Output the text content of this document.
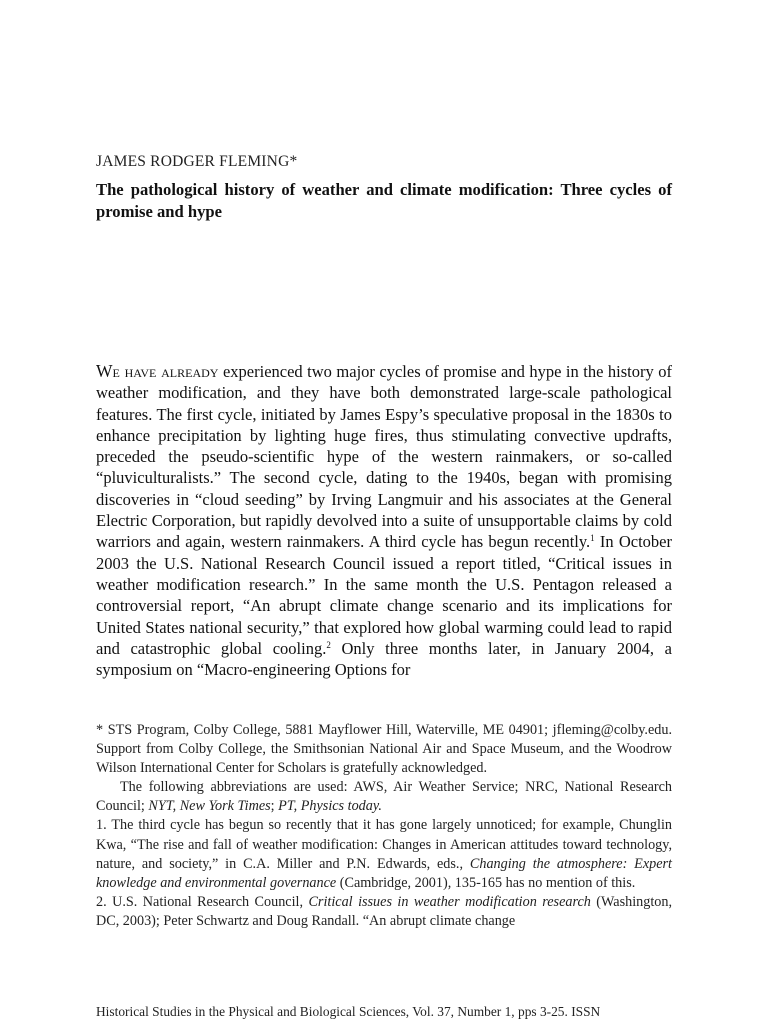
JAMES RODGER FLEMING*
The pathological history of weather and climate modification: Three cycles of promise and hype

We have already experienced two major cycles of promise and hype in the history of weather modification, and they have both demonstrated large-scale pathological features. The first cycle, initiated by James Espy’s speculative proposal in the 1830s to enhance precipitation by lighting huge fires, thus stimulating convective updrafts, preceded the pseudo-scientific hype of the western rainmakers, or so-called “pluviculturalists.” The second cycle, dating to the 1940s, began with promising discoveries in “cloud seeding” by Irving Langmuir and his associates at the General Electric Corporation, but rapidly devolved into a suite of unsupportable claims by cold warriors and again, western rainmakers. A third cycle has begun recently.$^1$ In October 2003 the U.S. National Research Council issued a report titled, “Critical issues in weather modification research.” In the same month the U.S. Pentagon released a controversial report, “An abrupt climate change scenario and its implications for United States national security,” that explored how global warming could lead to rapid and catastrophic global cooling.$^2$ Only three months later, in January 2004, a symposium on “Macro-engineering Options for

* STS Program, Colby College, 5881 Mayflower Hill, Waterville, ME 04901; jfleming@colby.edu. Support from Colby College, the Smithsonian National Air and Space Museum, and the Woodrow Wilson International Center for Scholars is gratefully acknowledged.

The following abbreviations are used: AWS, Air Weather Service; NRC, National Research Council; NYT, New York Times; PT, Physics today.

1. The third cycle has begun so recently that it has gone largely unnoticed; for example, Chunglin Kwa, “The rise and fall of weather modification: Changes in American attitudes toward technology, nature, and society,” in C.A. Miller and P.N. Edwards, eds., Changing the atmosphere: Expert knowledge and environmental governance (Cambridge, 2001), 135-165 has no mention of this.

2. U.S. National Research Council, Critical issues in weather modification research (Washington, DC, 2003); Peter Schwartz and Doug Randall. “An abrupt climate change

Historical Studies in the Physical and Biological Sciences, Vol. 37, Number 1, pps 3-25. ISSN
